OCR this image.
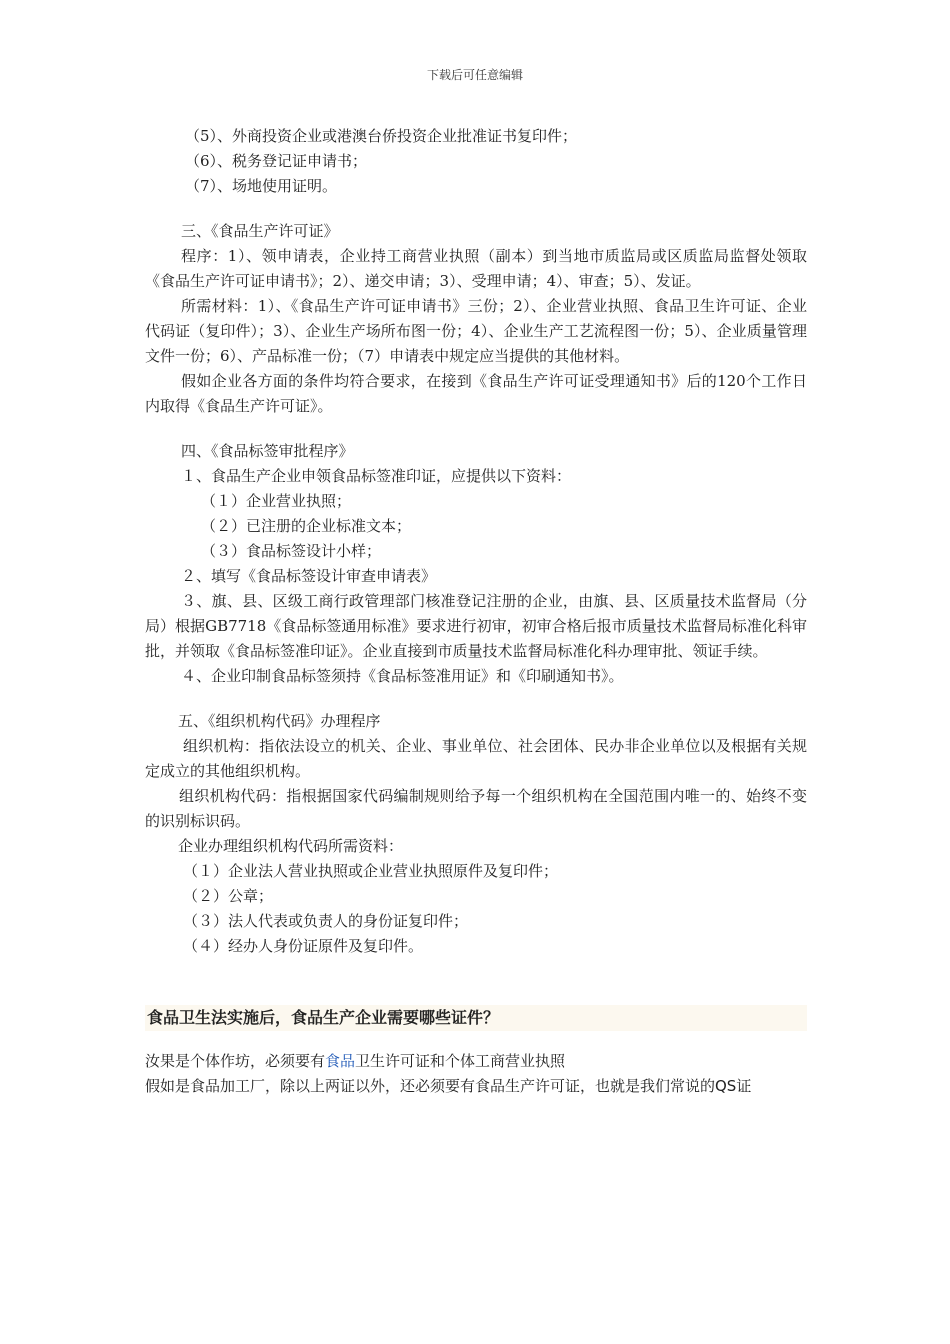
下载后可任意编辑
（5）、外商投资企业或港澳台侨投资企业批准证书复印件；
（6）、税务登记证申请书；
（7）、场地使用证明。
三、《食品生产许可证》
程序：1）、领申请表，企业持工商营业执照（副本）到当地市质监局或区质监局监督处领取《食品生产许可证申请书》；2）、递交申请；3）、受理申请；4）、审查；5）、发证。
所需材料：1）、《食品生产许可证申请书》三份；2）、企业营业执照、食品卫生许可证、企业代码证（复印件）；3）、企业生产场所布图一份；4）、企业生产工艺流程图一份；5）、企业质量管理文件一份；6）、产品标准一份；（7）申请表中规定应当提供的其他材料。
假如企业各方面的条件均符合要求，在接到《食品生产许可证受理通知书》后的120个工作日内取得《食品生产许可证》。
四、《食品标签审批程序》
１、食品生产企业申领食品标签准印证，应提供以下资料：
（１）企业营业执照；
（２）已注册的企业标准文本；
（３）食品标签设计小样；
２、填写《食品标签设计审查申请表》
３、旗、县、区级工商行政管理部门核准登记注册的企业，由旗、县、区质量技术监督局（分局）根据GB7718《食品标签通用标准》要求进行初审，初审合格后报市质量技术监督局标准化科审批，并领取《食品标签准印证》。企业直接到市质量技术监督局标准化科办理审批、领证手续。
４、企业印制食品标签须持《食品标签准用证》和《印刷通知书》。
五、《组织机构代码》办理程序
组织机构：指依法设立的机关、企业、事业单位、社会团体、民办非企业单位以及根据有关规定成立的其他组织机构。
组织机构代码：指根据国家代码编制规则给予每一个组织机构在全国范围内唯一的、始终不变的识别标识码。
企业办理组织机构代码所需资料：
（１）企业法人营业执照或企业营业执照原件及复印件；
（２）公章；
（３）法人代表或负责人的身份证复印件；
（４）经办人身份证原件及复印件。
食品卫生法实施后，食品生产企业需要哪些证件？
汝果是个体作坊，必须要有食品卫生许可证和个体工商营业执照
假如是食品加工厂，除以上两证以外，还必须要有食品生产许可证，也就是我们常说的QS证
